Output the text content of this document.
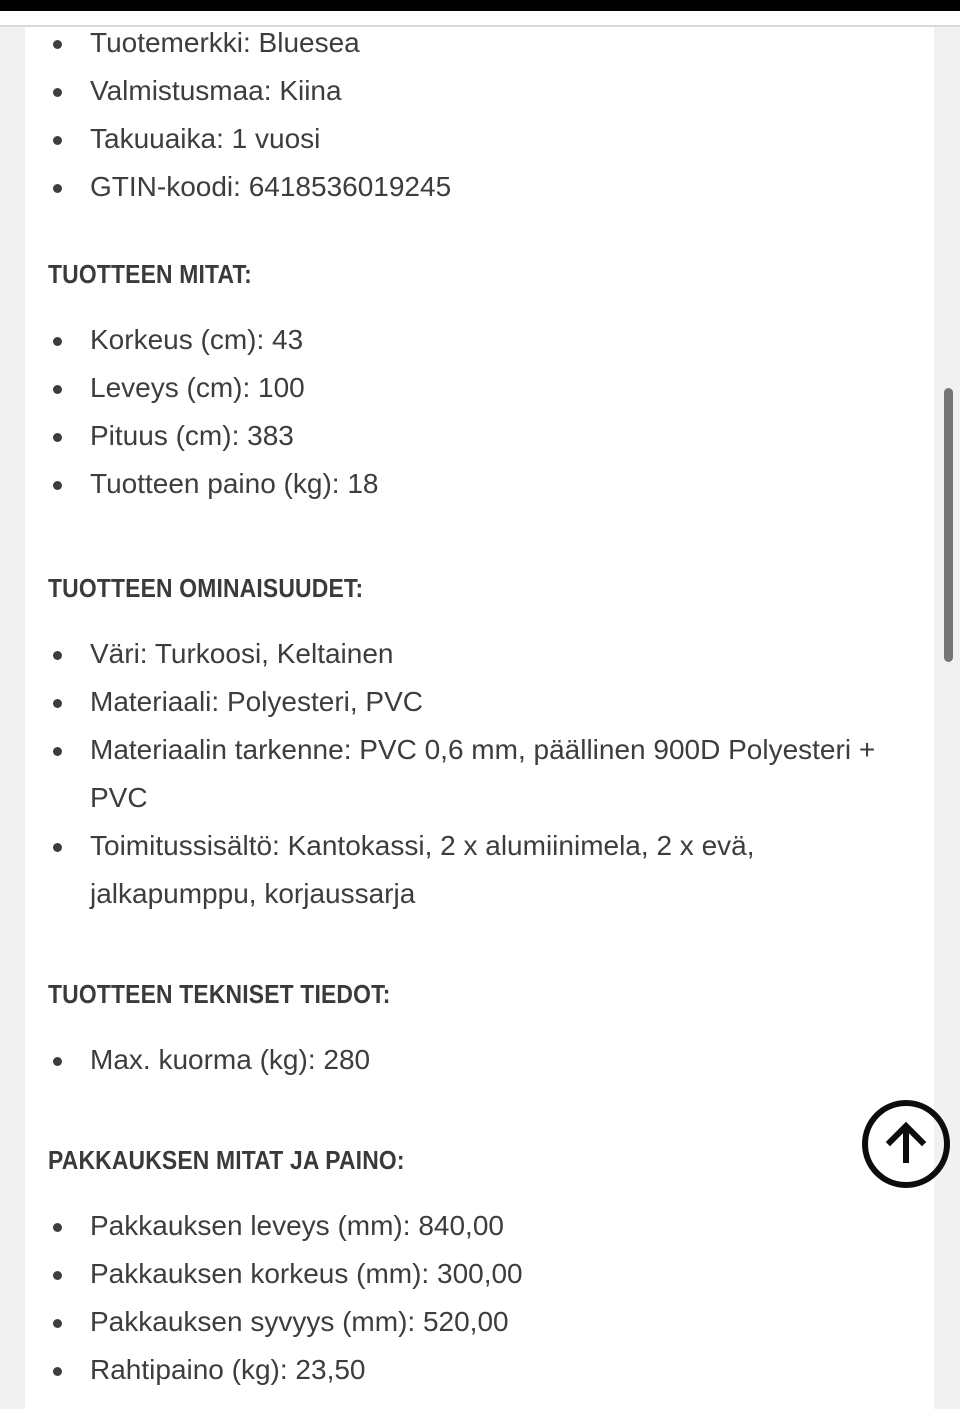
Tuotemerkki: Bluesea
Valmistusmaa: Kiina
Takuuaika: 1 vuosi
GTIN-koodi: 6418536019245
TUOTTEEN MITAT:
Korkeus (cm): 43
Leveys (cm): 100
Pituus (cm): 383
Tuotteen paino (kg): 18
TUOTTEEN OMINAISUUDET:
Väri: Turkoosi, Keltainen
Materiaali: Polyesteri, PVC
Materiaalin tarkenne: PVC 0,6 mm, päällinen 900D Polyesteri + PVC
Toimitussisältö: Kantokassi, 2 x alumiinimela, 2 x evä, jalkapumppu, korjaussarja
TUOTTEEN TEKNISET TIEDOT:
Max. kuorma (kg): 280
PAKKAUKSEN MITAT JA PAINO:
Pakkauksen leveys (mm): 840,00
Pakkauksen korkeus (mm): 300,00
Pakkauksen syvyys (mm): 520,00
Rahtipaino (kg): 23,50
